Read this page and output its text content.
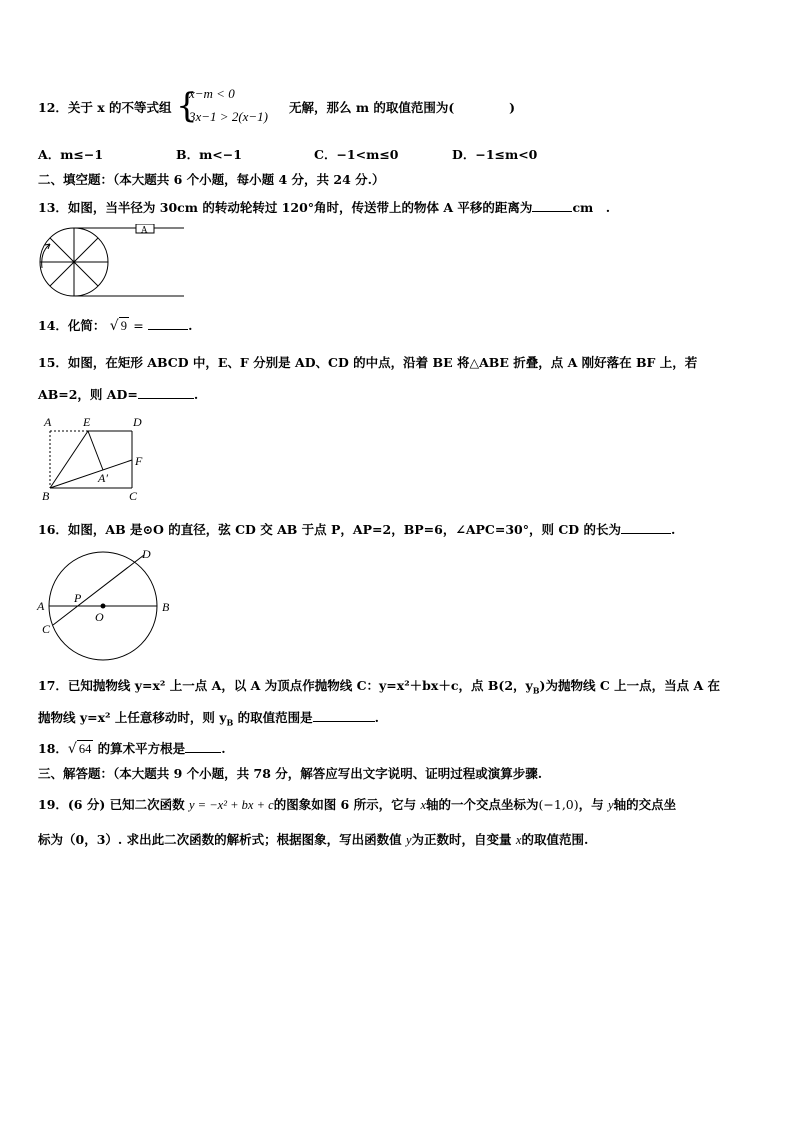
12．关于 x 的不等式组 {
x−m < 0
3x−1 > 2(x−1)
无解，那么 m 的取值范围为(	)
A．m≤−1	B．m<−1	C．−1<m≤0	D．−1≤m<0
二、填空题：（本大题共 6 个小题，每小题 4 分，共 24 分.）
13．如图，当半径为 30cm 的转动轮转过 120°角时，传送带上的物体 A 平移的距离为	cm　.
A
14．化简： √ 9 =	.
15．如图，在矩形 ABCD 中，E、F 分别是 AD、CD 的中点，沿着 BE 将△ABE 折叠，点 A 刚好落在 BF 上，若
AB=2，则 AD=	.
A	E	D
F
A′
B	C
16．如图，AB 是⊙O 的直径，弦 CD 交 AB 于点 P，AP=2，BP=6，∠APC=30°，则 CD 的长为	.
D
A
P
B
O
C
17．已知抛物线 y=x² 上一点 A，以 A 为顶点作抛物线 C：y=x²＋bx＋c，点 B(2，$y_B$)为抛物线 C 上一点，当点 A 在
抛物线 y=x² 上任意移动时，则 $y_B$ 的取值范围是	.
18．√ 64 的算术平方根是	.
三、解答题：（本大题共 9 个小题，共 78 分，解答应写出文字说明、证明过程或演算步骤.
19．(6 分) 已知二次函数 y = −x² + bx + c的图象如图 6 所示，它与 x轴的一个交点坐标为(−1,0)，与 y轴的交点坐
标为（0，3）. 求出此二次函数的解析式；根据图象，写出函数值 y为正数时，自变量 x的取值范围.
